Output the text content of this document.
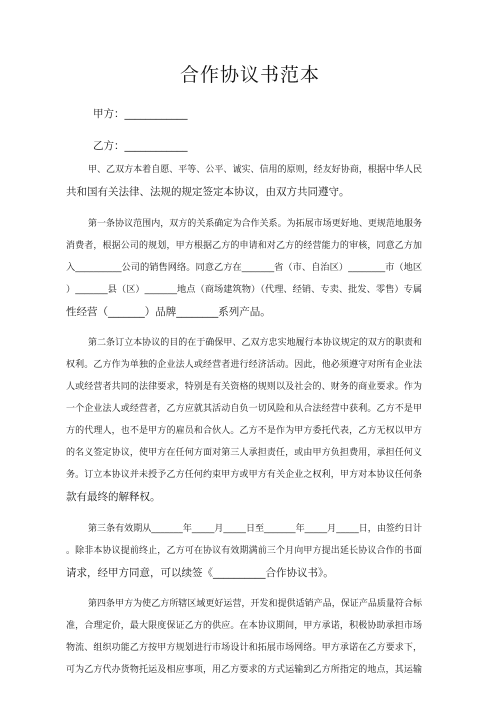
合作协议书范本
甲方：____________
乙方：____________
甲、乙双方本着自愿、平等、公平、诚实、信用的原则，经友好协商，根据中华人民
共和国有关法律、法规的规定签定本协议，由双方共同遵守。
第一条协议范围内，双方的关系确定为合作关系。为拓展市场更好地、更规范地服务
消费者，根据公司的规划，甲方根据乙方的申请和对乙方的经营能力的审核，同意乙方加
入__________公司的销售网络。同意乙方在_______省（市、自治区）________市（地区
）_______县（区）_______地点（商场建筑物）（代理、经销、专卖、批发、零售）专属
性经营（_______）品牌________系列产品。
第二条订立本协议的目的在于确保甲、乙双方忠实地履行本协议规定的双方的职责和
权利。乙方作为单独的企业法人或经营者进行经济活动。因此，他必须遵守对所有企业法
人或经营者共同的法律要求，特别是有关资格的规则以及社会的、财务的商业要求。作为
一个企业法人或经营者，乙方应就其活动自负一切风险和从合法经营中获利。乙方不是甲
方的代理人，也不是甲方的雇员和合伙人。乙方不是作为甲方委托代表，乙方无权以甲方
的名义签定协议，使甲方在任何方面对第三人承担责任，或由甲方负担费用，承担任何义
务。订立本协议并未授予乙方任何约束甲方或甲方有关企业之权利，甲方对本协议任何条
款有最终的解释权。
第三条有效期从_______年_____月_____日至_______年_____月_____日，由签约日计
。除非本协议提前终止，乙方可在协议有效期满前三个月向甲方提出延长协议合作的书面
请求，经甲方同意，可以续签《__________合作协议书》。
第四条甲方为使乙方所辖区域更好运营，开发和提供适销产品，保证产品质量符合标
准，合理定价，最大限度保证乙方的供应。在本协议期间，甲方承诺，积极协助承担市场
物流、组织功能乙方按甲方规划进行市场设计和拓展市场网络。甲方承诺在乙方要求下，
可为乙方代办货物托运及相应事项，用乙方要求的方式运输到乙方所指定的地点，其运输
